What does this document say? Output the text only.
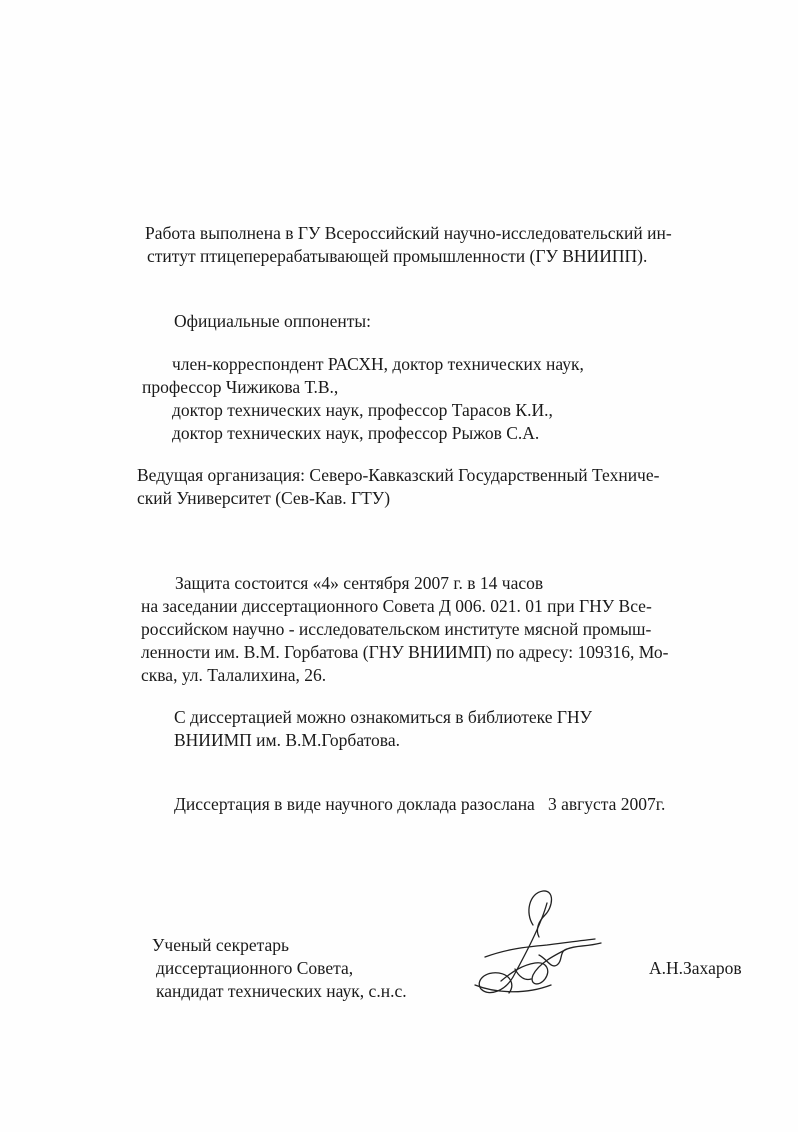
Работа выполнена в ГУ Всероссийский научно-исследовательский ин-
ститут птицеперерабатывающей промышленности (ГУ ВНИИПП).
Официальные оппоненты:
член-корреспондент РАСХН, доктор технических наук,
профессор Чижикова Т.В.,
доктор технических наук, профессор Тарасов К.И.,
доктор технических наук, профессор Рыжов С.А.
Ведущая организация: Северо-Кавказский Государственный Техниче-
ский Университет (Сев-Кав. ГТУ)
Защита состоится «4» сентября 2007 г. в 14 часов
на заседании диссертационного Совета Д 006. 021. 01 при ГНУ Все-
российском научно - исследовательском институте мясной промыш-
ленности им. В.М. Горбатова (ГНУ ВНИИМП) по адресу: 109316, Мо-
сква, ул. Талалихина, 26.
С диссертацией можно ознакомиться в библиотеке ГНУ
ВНИИМП им. В.М.Горбатова.
Диссертация в виде научного доклада разослана   3 августа 2007г.
Ученый секретарь
диссертационного Совета,
кандидат технических наук, с.н.с.
А.Н.Захаров
